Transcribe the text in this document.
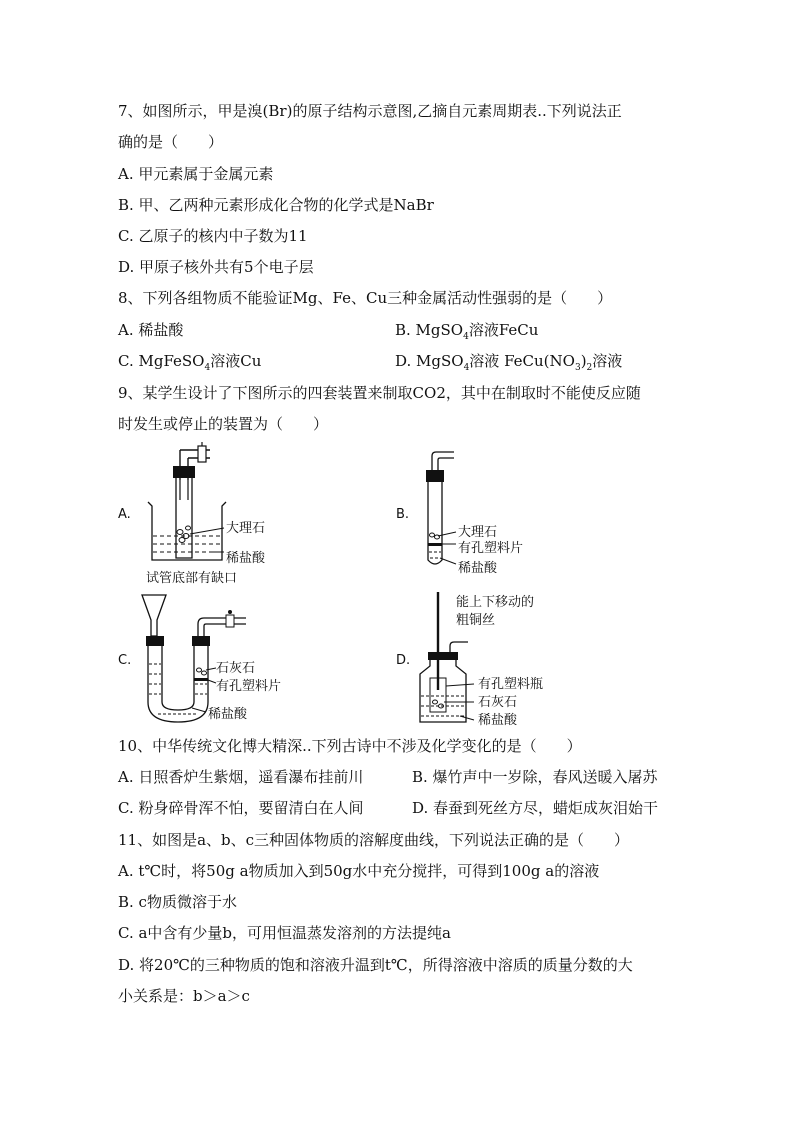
7、如图所示，甲是溴(Br)的原子结构示意图,乙摘自元素周期表..下列说法正
确的是（　　）
A. 甲元素属于金属元素
B. 甲、乙两种元素形成化合物的化学式是NaBr
C. 乙原子的核内中子数为11
D. 甲原子核外共有5个电子层
8、下列各组物质不能验证Mg、Fe、Cu三种金属活动性强弱的是（　　）
A. 稀盐酸	B. MgSO$_4$溶液FeCu
C. MgFeSO$_4$溶液Cu	D. MgSO$_4$溶液 $FeCu(NO_3)_2$溶液
9、某学生设计了下图所示的四套装置来制取CO2，其中在制取时不能使反应随
时发生或停止的装置为（　　）
A.
大理石
稀盐酸
试管底部有缺口
B.
大理石
有孔塑料片
稀盐酸
C.
石灰石
有孔塑料片
稀盐酸
D.
能上下移动的
粗铜丝
有孔塑料瓶
石灰石
稀盐酸
10、中华传统文化博大精深..下列古诗中不涉及化学变化的是（　　）
A. 日照香炉生紫烟，遥看瀑布挂前川	B. 爆竹声中一岁除，春风送暖入屠苏
C. 粉身碎骨浑不怕，要留清白在人间	D. 春蚕到死丝方尽，蜡炬成灰泪始干
11、如图是a、b、c三种固体物质的溶解度曲线，下列说法正确的是（　　）
A. t℃时，将50g a物质加入到50g水中充分搅拌，可得到100g a的溶液
B. c物质微溶于水
C. a中含有少量b，可用恒温蒸发溶剂的方法提纯a
D. 将20℃的三种物质的饱和溶液升温到t℃，所得溶液中溶质的质量分数的大
小关系是：b＞a＞c
